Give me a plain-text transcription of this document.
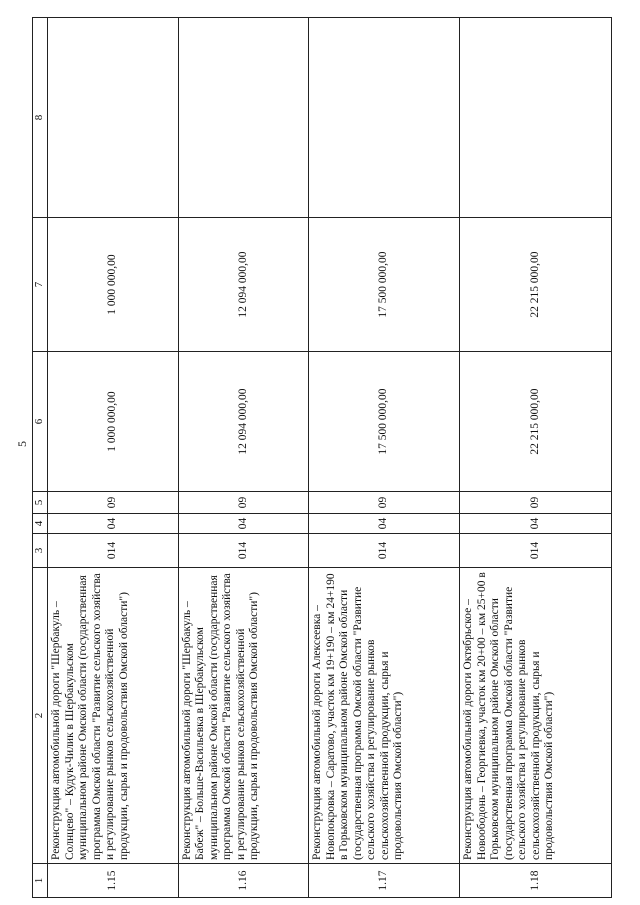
5
1	2	3	4	5	6	7	8
1.15	Реконструкция автомобильной дороги "Шербакуль – Солнцево" – Кудук-Чилик в Шербакульском муниципальном районе Омской области (государственная программа Омской области "Развитие сельского хозяйства и регулирование рынков сельскохозяйственной продукции, сырья и продовольствия Омской области")	014	04	09	1 000 000,00	1 000 000,00	
1.16	Реконструкция автомобильной дороги "Шербакуль – Бабеж" – Больше-Васильевка в Шербакульском муниципальном районе Омской области (государственная программа Омской области "Развитие сельского хозяйства и регулирование рынков сельскохозяйственной продукции, сырья и продовольствия Омской области")	014	04	09	12 094 000,00	12 094 000,00	
1.17	Реконструкция автомобильной дороги Алексеевка – Новопокровка – Саратово, участок км 19+190 – км 24+190 в Горьковском муниципальном районе Омской области (государственная программа Омской области "Развитие сельского хозяйства и регулирование рынков сельскохозяйственной продукции, сырья и продовольствия Омской области")	014	04	09	17 500 000,00	17 500 000,00	
1.18	Реконструкция автомобильной дороги Октябрьское – Новоободонь – Георгиевка, участок км 20+00 – км 25+00 в Горьковском муниципальном районе Омской области (государственная программа Омской области "Развитие сельского хозяйства и регулирование рынков сельскохозяйственной продукции, сырья и продовольствия Омской области")	014	04	09	22 215 000,00	22 215 000,00	
